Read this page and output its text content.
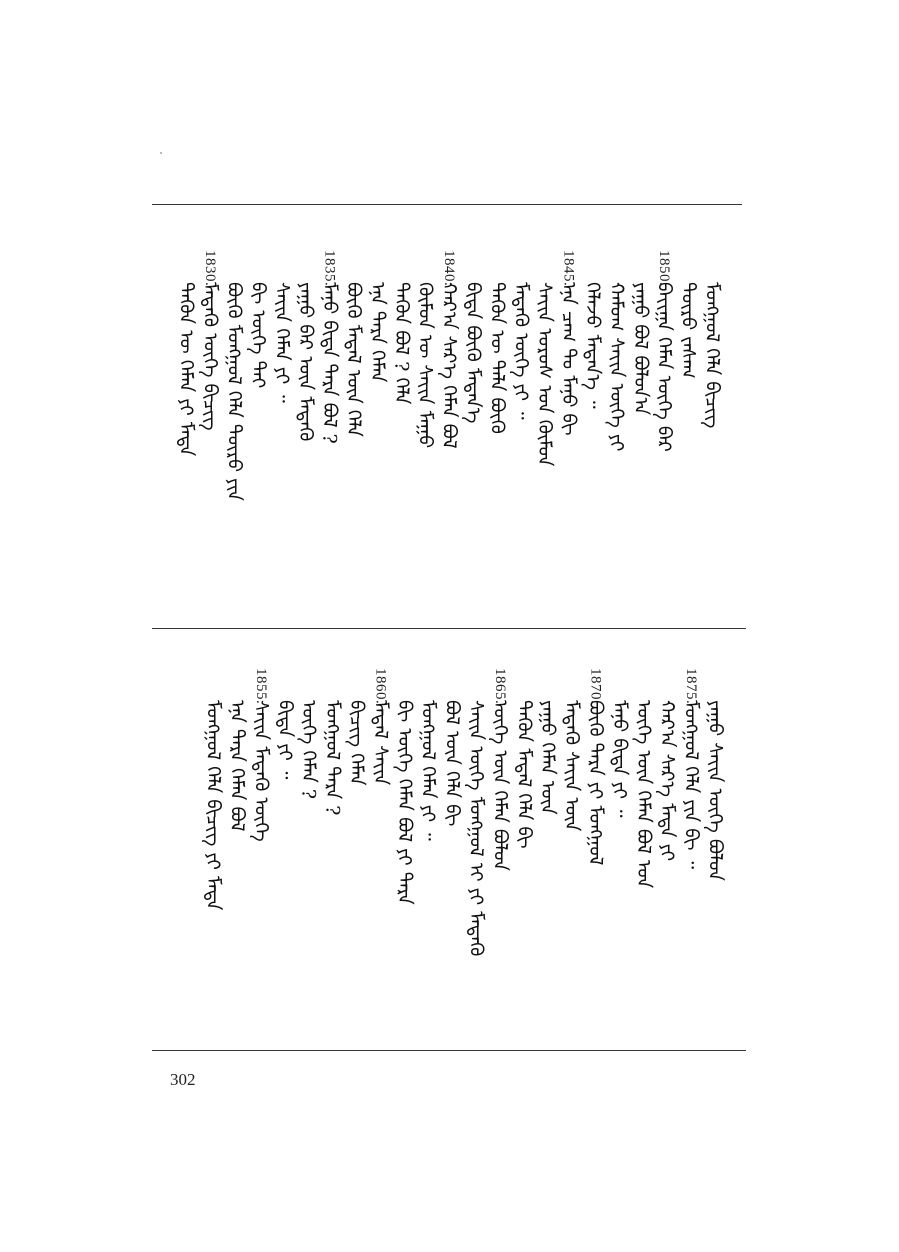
ᠮᠣᠩᠭᠣᠯ ᠬᠡᠯᠡ ᠪᠢᠴᠢᠭ᠌
ᠲᠦᠷᠦ ᠵᠠᠰᠠᠭ
ᠪᠠᠶ᠋ᠢᠭᠠ ᠬᠡᠮᠡᠨ ᠦᠭᠡ ᠪᠡᠷ
1850.
ᠶᠠᠭᠤ ᠪᠣᠯ ᠪᠣᠯᠤᠨ᠎ᠠ
ᠬᠠᠮᠤᠭ ᠰᠠᠶ᠋ᠢᠨ ᠦᠭᠡ ᠶᠢ
ᠬᠡᠯᠡᠵᠦ ᠮᠡᠳᠡᠨ᠎ᠡ ᠃
ᠡᠨᠡ ᠴᠠᠭ ᠲᠤ ᠮᠠᠨᠤ ᠪᠢ
1845.
ᠰᠠᠶ᠋ᠢᠨ ᠤᠷᠤᠰ ᠤᠨ ᠬᠦᠮᠦᠨ
ᠮᠡᠳᠡᠬᠦ ᠦᠭᠡ ᠶᠢ ᠃
ᠲᠡᠭᠦᠨ ᠦ ᠲᠡᠯᠡ ᠪᠦᠬᠦ
ᠪᠢᠳᠡ ᠪᠦᠬᠦ ᠮᠡᠳᠡᠨ᠎ᠡ
ᠬᠠᠷ᠎ᠠ ᠰᠡᠷ᠎ᠡ ᠬᠡᠮᠡᠨ ᠪᠣᠯ
1840.
ᠬᠦᠮᠦᠨ ᠦ ᠰᠠᠶ᠋ᠢᠨ ᠮᠠᠭᠤ
ᠲᠡᠭᠦᠨ ᠪᠣᠯ ? ᠬᠡᠯᠡ
ᠡᠨᠡ ᠲᠡᠷᠡ ᠬᠡᠮᠡᠨ
ᠪᠦᠬᠦ ᠮᠡᠳᠡᠯ ᠦᠨ ᠬᠡᠯᠡ
ᠮᠠᠨᠤ ᠪᠢᠳᠡ ᠲᠡᠷᠡ ᠪᠣᠯ ?
1835.
ᠶᠠᠭᠤ ᠪᠡᠷ ᠦᠨ ᠮᠡᠳᠡᠬᠦ
ᠰᠠᠶ᠋ᠢᠨ ᠬᠡᠮᠡᠨ ᠶᠢ ᠃
ᠪᠢ ᠦᠭᠡ ᠲᠡᠢ
ᠪᠦᠬᠦ ᠮᠣᠩᠭᠣᠯ ᠬᠡᠯᠡ ᠲᠦᠷᠦ ᠶᠢᠨ
ᠮᠡᠳᠡᠬᠦ ᠦᠭᠡ ᠪᠢᠴᠢᠭ
1830.
ᠲᠡᠭᠦᠨ ᠦ ᠬᠡᠮᠡᠨ ᠶᠢ ᠮᠡᠳᠡ
ᠶᠠᠭᠤ ᠰᠠᠶ᠋ᠢᠨ ᠦᠭᠡ ᠪᠣᠯᠤᠨ
ᠮᠣᠩᠭᠣᠯ ᠬᠡᠯᠡ ᠶᠢᠨ ᠪᠢ ᠃
1875.
ᠬᠠᠷ᠎ᠠ ᠰᠡᠷ᠎ᠡ ᠮᠡᠳᠡ ᠶᠢ
ᠦᠭᠡ ᠦᠨ ᠬᠡᠮᠡᠨ ᠪᠣᠯ ᠤᠨ
ᠮᠠᠨᠤ ᠪᠢᠳᠡ ᠶᠢ ᠃
ᠪᠦᠬᠦ ᠲᠡᠷᠡ ᠶᠢ ᠮᠣᠩᠭᠣᠯ
1870.
ᠮᠡᠳᠡᠬᠦ ᠰᠠᠶ᠋ᠢᠨ ᠦᠨ
ᠶᠠᠭᠤ ᠬᠡᠮᠡᠨ ᠦᠨ
ᠲᠡᠭᠦᠨ ᠮᠡᠳᠡᠯ ᠬᠡᠯᠡ ᠪᠢ
ᠦᠭᠡ ᠦᠨ ᠬᠡᠮᠡᠨ ᠪᠣᠯᠤᠨ
1865.
ᠰᠠᠶ᠋ᠢᠨ ᠦᠭᠡ ᠮᠣᠩᠭᠣᠯ ᠢ ᠶᠢ ᠮᠡᠳᠡᠬᠦ
ᠪᠣᠯ ᠦᠨ ᠬᠡᠯᠡ ᠪᠢ
ᠮᠣᠩᠭᠣᠯ ᠬᠡᠮᠡᠨ ᠶᠢ ᠃
ᠪᠢ ᠦᠭᠡ ᠬᠡᠮᠡᠨ ᠪᠣᠯ ᠶᠢ ᠲᠡᠷᠡ
ᠮᠡᠳᠡᠯ ᠰᠠᠶ᠋ᠢᠨ
1860.
ᠪᠢᠴᠢᠭ ᠬᠡᠮᠡᠨ
ᠮᠣᠩᠭᠣᠯ ᠲᠡᠷᠡ ?
ᠦᠭᠡ ᠬᠡᠮᠡᠨ ?
ᠪᠢᠳᠡ ᠶᠢ ᠃
ᠰᠠᠶ᠋ᠢᠨ ᠮᠡᠳᠡᠬᠦ ᠦᠭᠡ
1855.
ᠡᠨᠡ ᠲᠡᠷᠡ ᠬᠡᠮᠡᠨ ᠪᠣᠯ
ᠮᠣᠩᠭᠣᠯ ᠬᠡᠯᠡ ᠪᠢᠴᠢᠭ ᠶᠢ ᠮᠡᠳᠡ
302
